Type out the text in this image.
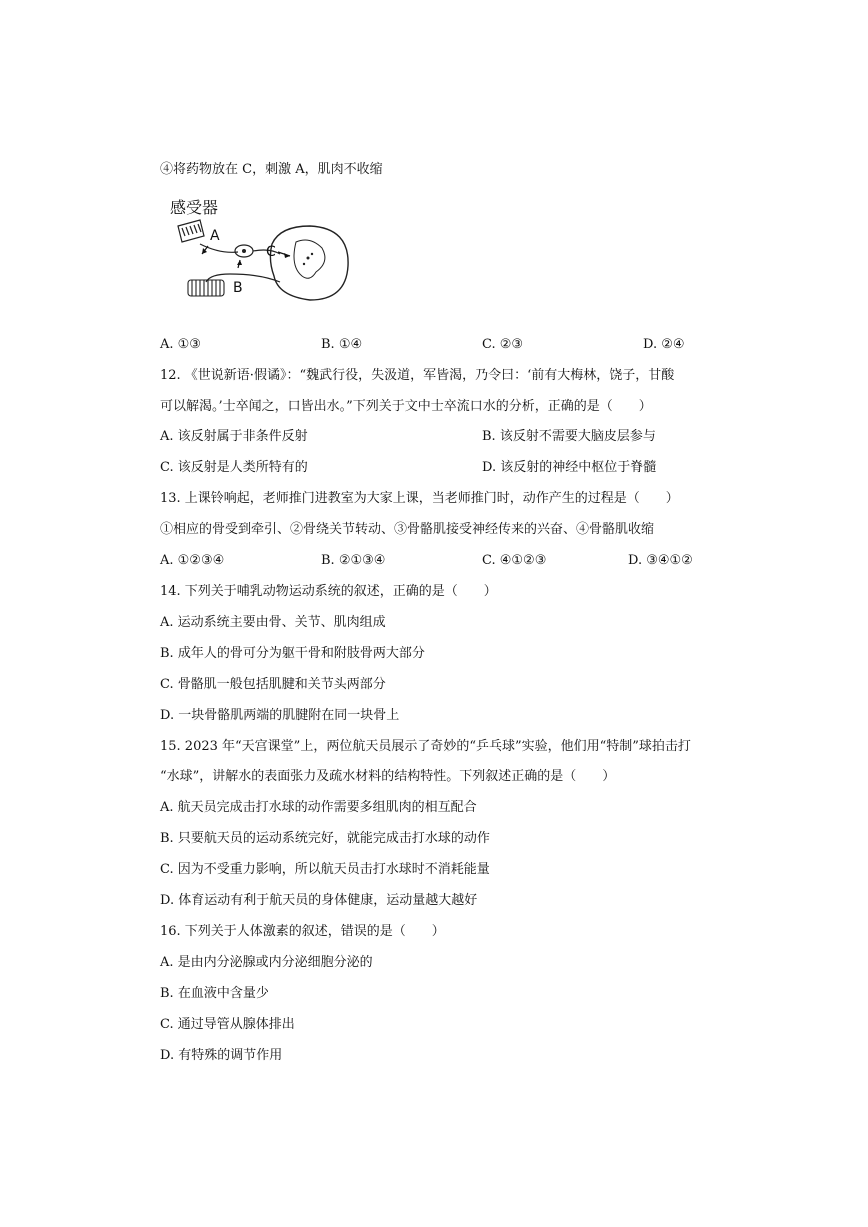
④将药物放在 C，刺激 A，肌肉不收缩
感受器
A
C
B
A. ①③	B. ①④	C. ②③	D. ②④
12. 《世说新语·假谲》：“魏武行役，失汲道，军皆渴，乃令曰：‘前有大梅林，饶子，甘酸
可以解渴。’士卒闻之，口皆出水。”下列关于文中士卒流口水的分析，正确的是（　　）
A. 该反射属于非条件反射	B. 该反射不需要大脑皮层参与
C. 该反射是人类所特有的	D. 该反射的神经中枢位于脊髓
13. 上课铃响起，老师推门进教室为大家上课，当老师推门时，动作产生的过程是（　　）
①相应的骨受到牵引、②骨绕关节转动、③骨骼肌接受神经传来的兴奋、④骨骼肌收缩
A. ①②③④	B. ②①③④	C. ④①②③	D. ③④①②
14. 下列关于哺乳动物运动系统的叙述，正确的是（　　）
A. 运动系统主要由骨、关节、肌肉组成
B. 成年人的骨可分为躯干骨和附肢骨两大部分
C. 骨骼肌一般包括肌腱和关节头两部分
D. 一块骨骼肌两端的肌腱附在同一块骨上
15. 2023 年“天宫课堂”上，两位航天员展示了奇妙的“乒乓球”实验，他们用“特制”球拍击打
“水球”，讲解水的表面张力及疏水材料的结构特性。下列叙述正确的是（　　）
A. 航天员完成击打水球的动作需要多组肌肉的相互配合
B. 只要航天员的运动系统完好，就能完成击打水球的动作
C. 因为不受重力影响，所以航天员击打水球时不消耗能量
D. 体育运动有利于航天员的身体健康，运动量越大越好
16. 下列关于人体激素的叙述，错误的是（　　）
A. 是由内分泌腺或内分泌细胞分泌的
B. 在血液中含量少
C. 通过导管从腺体排出
D. 有特殊的调节作用
